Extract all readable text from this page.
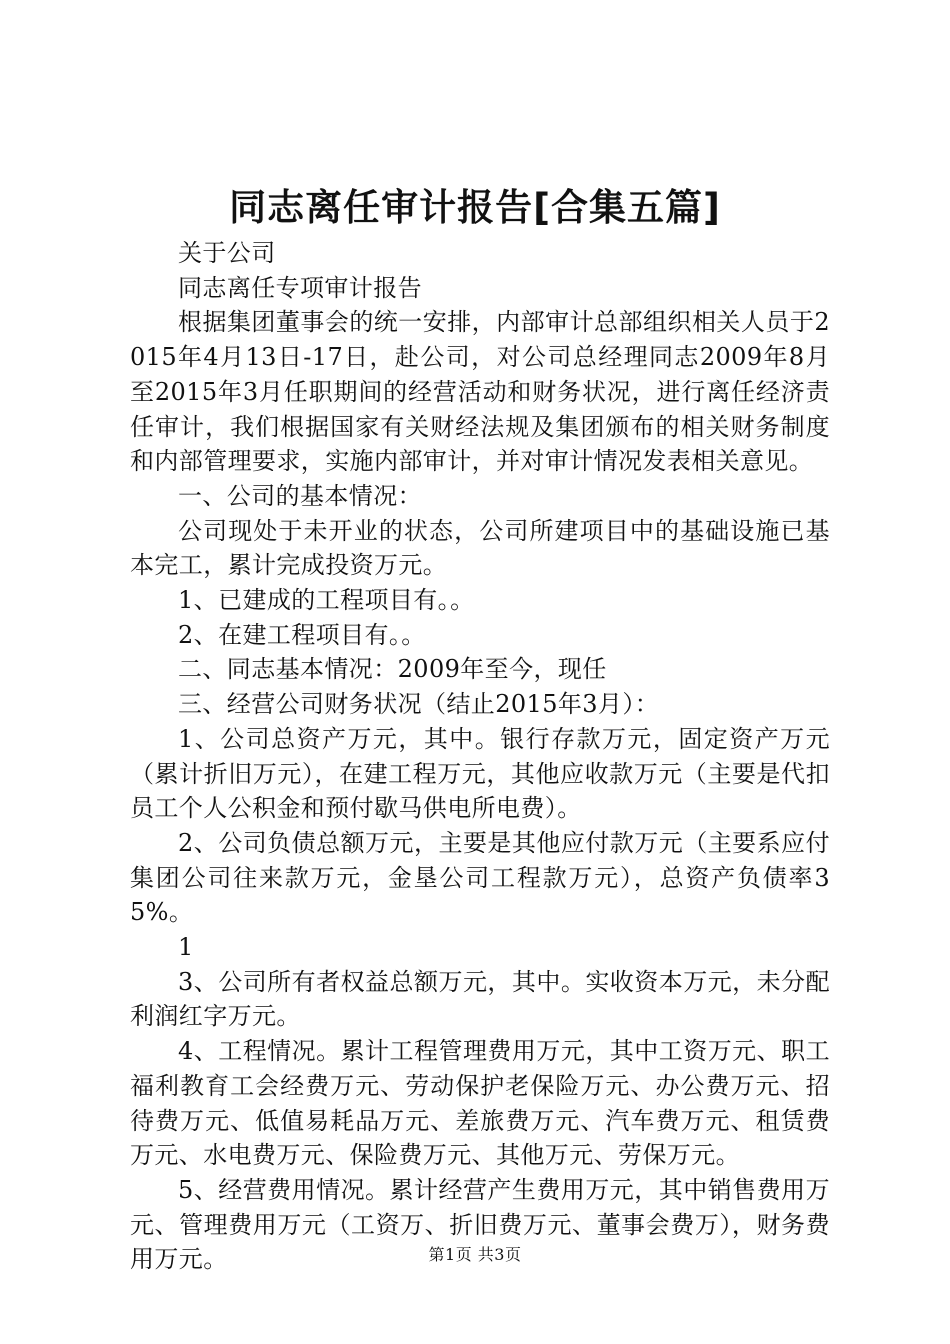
同志离任审计报告[合集五篇]

关于公司

同志离任专项审计报告

根据集团董事会的统一安排，内部审计总部组织相关人员于2015年4月13日-17日，赴公司，对公司总经理同志2009年8月至2015年3月任职期间的经营活动和财务状况，进行离任经济责任审计，我们根据国家有关财经法规及集团颁布的相关财务制度和内部管理要求，实施内部审计，并对审计情况发表相关意见。

一、公司的基本情况：

公司现处于未开业的状态，公司所建项目中的基础设施已基本完工，累计完成投资万元。

1、已建成的工程项目有。。

2、在建工程项目有。。

二、同志基本情况：2009年至今，现任

三、经营公司财务状况（结止2015年3月）：

1、公司总资产万元，其中。银行存款万元，固定资产万元（累计折旧万元），在建工程万元，其他应收款万元（主要是代扣员工个人公积金和预付歇马供电所电费）。

2、公司负债总额万元，主要是其他应付款万元（主要系应付集团公司往来款万元，金垦公司工程款万元），总资产负债率35%。

1

3、公司所有者权益总额万元，其中。实收资本万元，未分配利润红字万元。

4、工程情况。累计工程管理费用万元，其中工资万元、职工福利教育工会经费万元、劳动保护老保险万元、办公费万元、招待费万元、低值易耗品万元、差旅费万元、汽车费万元、租赁费万元、水电费万元、保险费万元、其他万元、劳保万元。

5、经营费用情况。累计经营产生费用万元，其中销售费用万元、管理费用万元（工资万、折旧费万元、董事会费万），财务费用万元。	第1页 共3页
